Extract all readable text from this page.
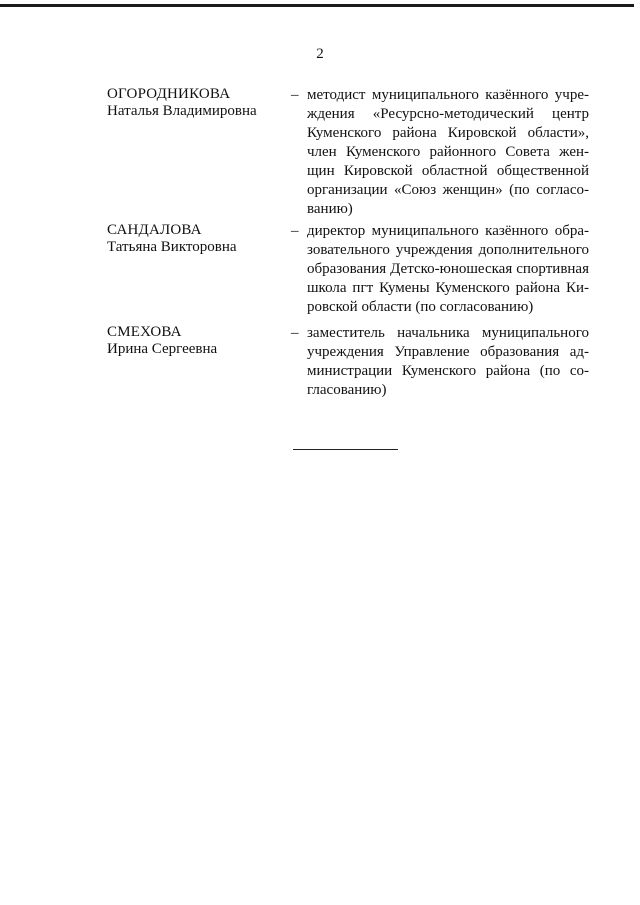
2
ОГОРОДНИКОВА
Наталья Владимировна
– методист муниципального казённого учре-ждения «Ресурсно-методический центр Куменского района Кировской области», член Куменского районного Совета жен-щин Кировской областной общественной организации «Союз женщин» (по согласо-ванию)
САНДАЛОВА
Татьяна Викторовна
– директор муниципального казённого обра-зовательного учреждения дополнительного образования Детско-юношеская спортивная школа пгт Кумены Куменского района Ки-ровской области (по согласованию)
СМЕХОВА
Ирина Сергеевна
– заместитель начальника муниципального учреждения Управление образования ад-министрации Куменского района (по со-гласованию)
